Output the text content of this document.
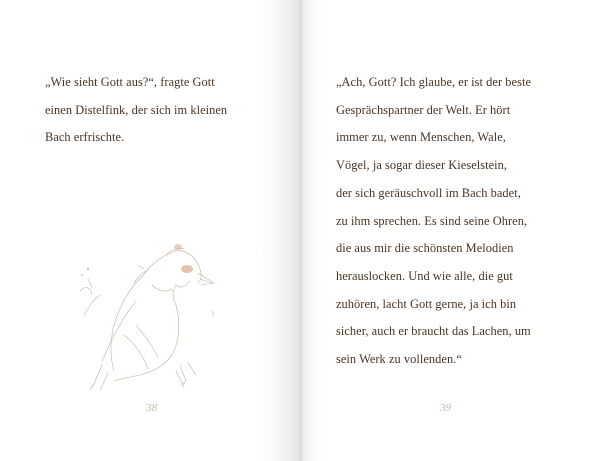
„Wie sieht Gott aus?“, fragte Gott
einen Distelfink, der sich im kleinen
Bach erfrischte.
38	39
„Ach, Gott? Ich glaube, er ist der beste
Gesprächspartner der Welt. Er hört
immer zu, wenn Menschen, Wale,
Vögel, ja sogar dieser Kieselstein,
der sich geräuschvoll im Bach badet,
zu ihm sprechen. Es sind seine Ohren,
die aus mir die schönsten Melodien
herauslocken. Und wie alle, die gut
zuhören, lacht Gott gerne, ja ich bin
sicher, auch er braucht das Lachen, um
sein Werk zu vollenden.“
